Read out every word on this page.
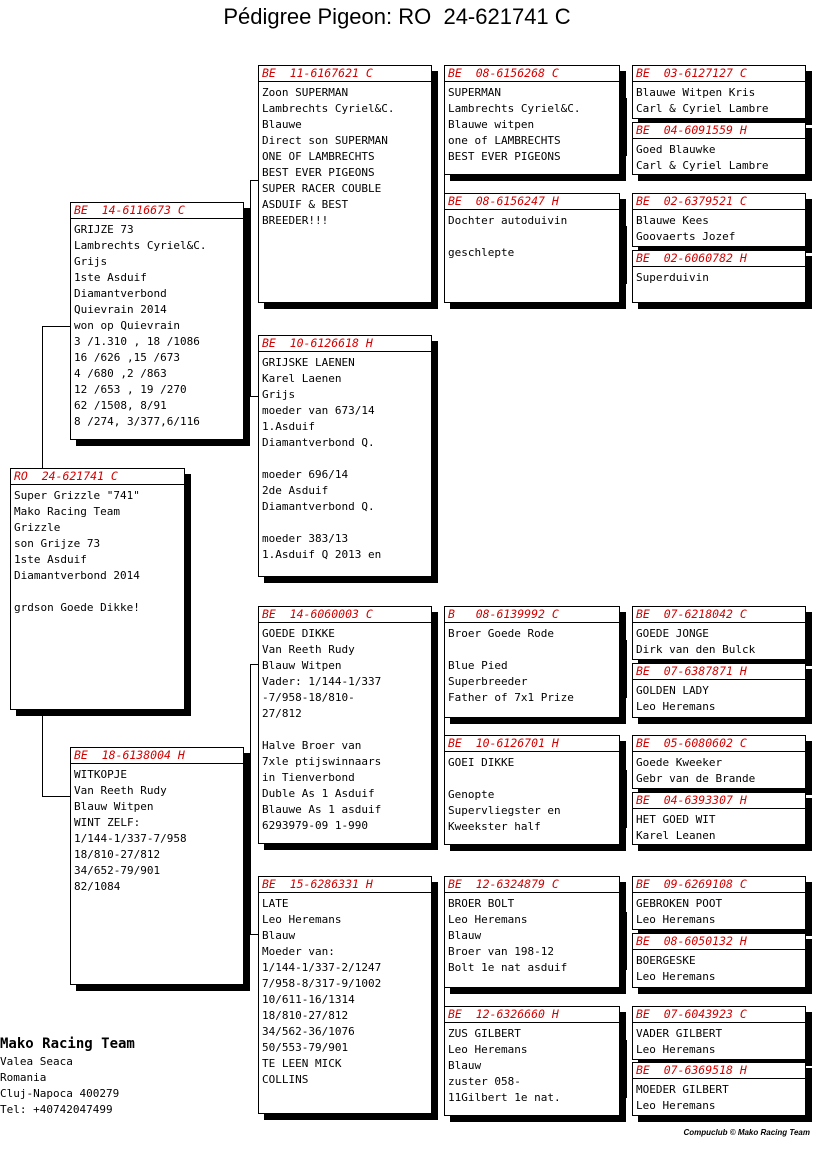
Pédigree Pigeon: RO  24-621741 C
RO  24-621741 C
Super Grizzle "741"
Mako Racing Team
Grizzle
son Grijze 73
1ste Asduif
Diamantverbond 2014
grdson Goede Dikke!
BE  14-6116673 C
GRIJZE 73
Lambrechts Cyriel&C.
Grijs
1ste Asduif
Diamantverbond
Quievrain 2014
won op Quievrain
3 /1.310 , 18 /1086
16 /626 ,15 /673
4 /680 ,2 /863
12 /653 , 19 /270
62 /1508, 8/91
8 /274, 3/377,6/116
BE  18-6138004 H
WITKOPJE
Van Reeth Rudy
Blauw Witpen
WINT ZELF:
1/144-1/337-7/958
18/810-27/812
34/652-79/901
82/1084
BE  11-6167621 C
Zoon SUPERMAN
Lambrechts Cyriel&C.
Blauwe
Direct son SUPERMAN
ONE OF LAMBRECHTS
BEST EVER PIGEONS
SUPER RACER COUBLE
ASDUIF & BEST
BREEDER!!!
BE  10-6126618 H
GRIJSKE LAENEN
Karel Laenen
Grijs
moeder van 673/14
1.Asduif
Diamantverbond Q.
moeder 696/14
2de Asduif
Diamantverbond Q.
moeder 383/13
1.Asduif Q 2013 en
BE  14-6060003 C
GOEDE DIKKE
Van Reeth Rudy
Blauw Witpen
Vader: 1/144-1/337
-7/958-18/810-
27/812
Halve Broer van
7xle ptijswinnaars
in Tienverbond
Duble As 1 Asduif
Blauwe As 1 asduif
6293979-09 1-990
BE  15-6286331 H
LATE
Leo Heremans
Blauw
Moeder van:
1/144-1/337-2/1247
7/958-8/317-9/1002
10/611-16/1314
18/810-27/812
34/562-36/1076
50/553-79/901
TE LEEN MICK
COLLINS
BE  08-6156268 C
SUPERMAN
Lambrechts Cyriel&C.
Blauwe witpen
one of LAMBRECHTS
BEST EVER PIGEONS
BE  08-6156247 H
Dochter autoduivin
geschlepte
B   08-6139992 C
Broer Goede Rode
Blue Pied
Superbreeder
Father of 7x1 Prize
BE  10-6126701 H
GOEI DIKKE
Genopte
Supervliegster en
Kweekster half
BE  12-6324879 C
BROER BOLT
Leo Heremans
Blauw
Broer van 198-12
Bolt 1e nat asduif
BE  12-6326660 H
ZUS GILBERT
Leo Heremans
Blauw
zuster 058-
11Gilbert 1e nat.
BE  03-6127127 C
Blauwe Witpen Kris
Carl & Cyriel Lambre
BE  04-6091559 H
Goed Blauwke
Carl & Cyriel Lambre
BE  02-6379521 C
Blauwe Kees
Goovaerts Jozef
BE  02-6060782 H
Superduivin
BE  07-6218042 C
GOEDE JONGE
Dirk van den Bulck
BE  07-6387871 H
GOLDEN LADY
Leo Heremans
BE  05-6080602 C
Goede Kweeker
Gebr van de Brande
BE  04-6393307 H
HET GOED WIT
Karel Leanen
BE  09-6269108 C
GEBROKEN POOT
Leo Heremans
BE  08-6050132 H
BOERGESKE
Leo Heremans
BE  07-6043923 C
VADER GILBERT
Leo Heremans
BE  07-6369518 H
MOEDER GILBERT
Leo Heremans
Mako Racing Team
Valea Seaca
Romania
Cluj-Napoca 400279
Tel: +40742047499
Compuclub © Mako Racing Team
